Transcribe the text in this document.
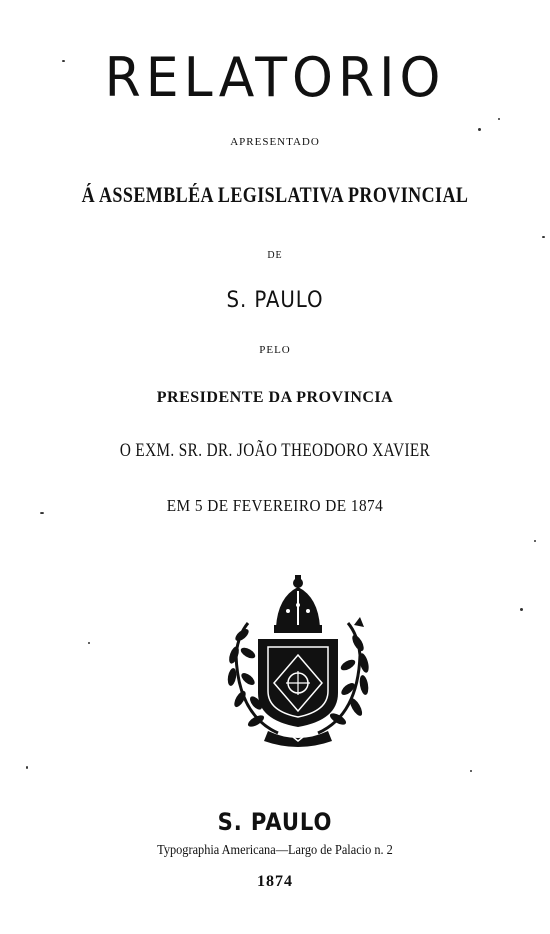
RELATORIO
APRESENTADO
Á ASSEMBLÉA LEGISLATIVA PROVINCIAL
DE
S. PAULO
PELO
PRESIDENTE DA PROVINCIA
O EXM. SR. DR. JOÃO THEODORO XAVIER
EM 5 DE FEVEREIRO DE 1874
S. PAULO
Typographia Americana—Largo de Palacio n. 2
1874
